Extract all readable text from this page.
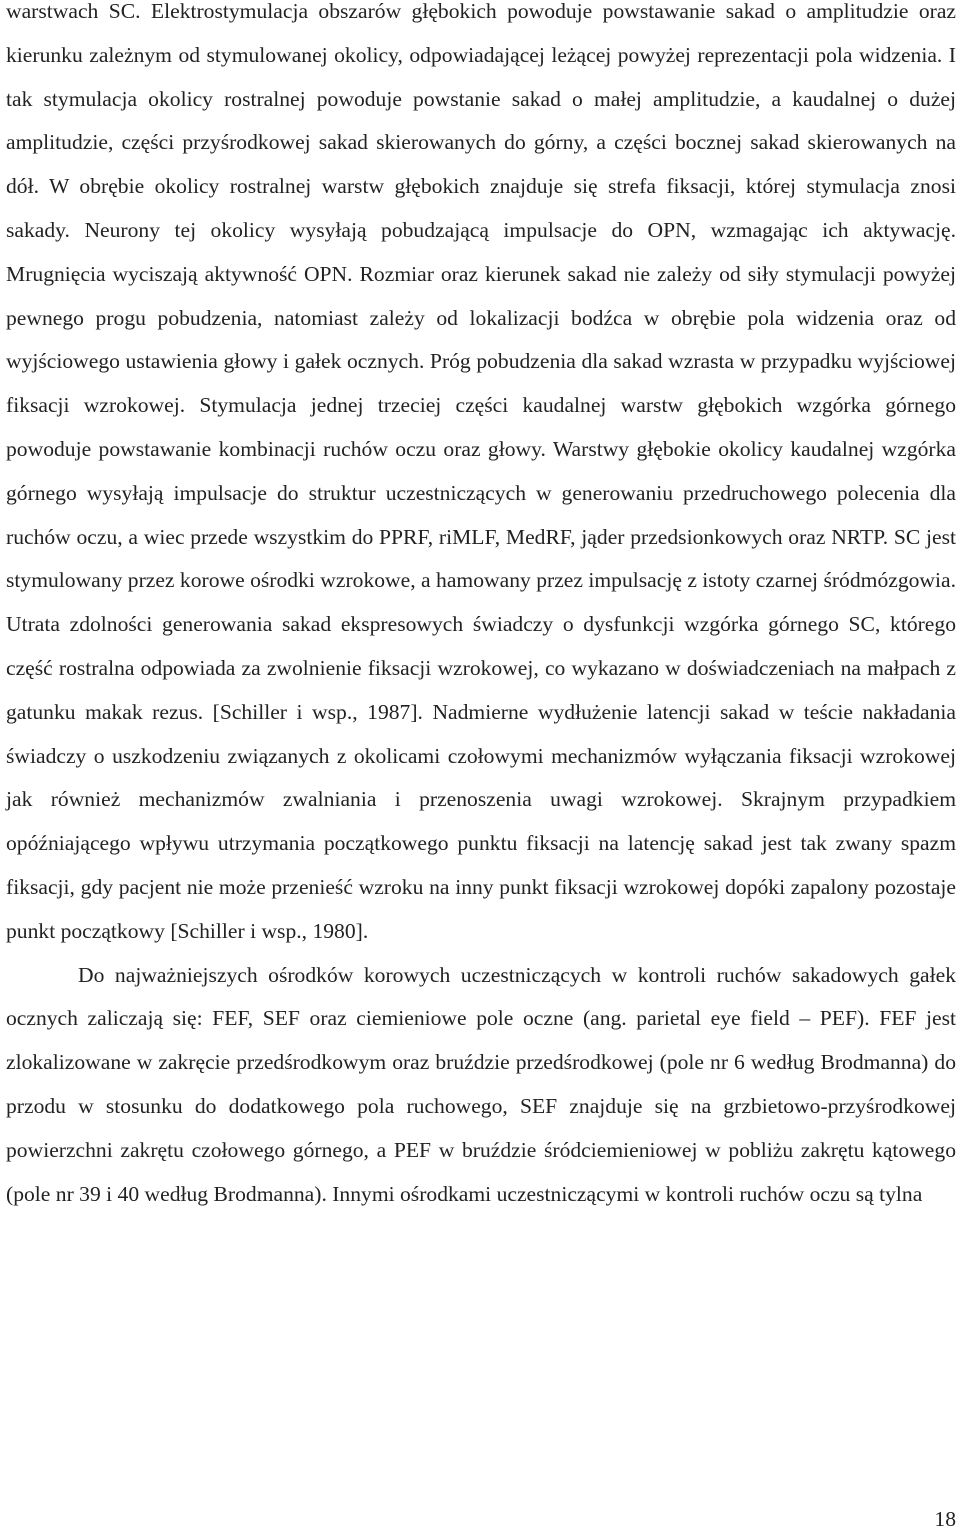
warstwach SC. Elektrostymulacja obszarów głębokich powoduje powstawanie sakad o amplitudzie oraz kierunku zależnym od stymulowanej okolicy, odpowiadającej leżącej powyżej reprezentacji pola widzenia. I tak stymulacja okolicy rostralnej powoduje powstanie sakad o małej amplitudzie, a kaudalnej o dużej amplitudzie, części przyśrodkowej sakad skierowanych do górny, a części bocznej sakad skierowanych na dół. W obrębie okolicy rostralnej warstw głębokich znajduje się strefa fiksacji, której stymulacja znosi sakady. Neurony tej okolicy wysyłają pobudzającą impulsacje do OPN, wzmagając ich aktywację. Mrugnięcia wyciszają aktywność OPN. Rozmiar oraz kierunek sakad nie zależy od siły stymulacji powyżej pewnego progu pobudzenia, natomiast zależy od lokalizacji bodźca w obrębie pola widzenia oraz od wyjściowego ustawienia głowy i gałek ocznych. Próg pobudzenia dla sakad wzrasta w przypadku wyjściowej fiksacji wzrokowej. Stymulacja jednej trzeciej części kaudalnej warstw głębokich wzgórka górnego powoduje powstawanie kombinacji ruchów oczu oraz głowy. Warstwy głębokie okolicy kaudalnej wzgórka górnego wysyłają impulsacje do struktur uczestniczących w generowaniu przedruchowego polecenia dla ruchów oczu, a wiec przede wszystkim do PPRF, riMLF, MedRF, jąder przedsionkowych oraz NRTP. SC jest stymulowany przez korowe ośrodki wzrokowe, a hamowany przez impulsację z istoty czarnej śródmózgowia. Utrata zdolności generowania sakad ekspresowych świadczy o dysfunkcji wzgórka górnego SC, którego część rostralna odpowiada za zwolnienie fiksacji wzrokowej, co wykazano w doświadczeniach na małpach z gatunku makak rezus. [Schiller i wsp., 1987]. Nadmierne wydłużenie latencji sakad w teście nakładania świadczy o uszkodzeniu związanych z okolicami czołowymi mechanizmów wyłączania fiksacji wzrokowej jak również mechanizmów zwalniania i przenoszenia uwagi wzrokowej. Skrajnym przypadkiem opóźniającego wpływu utrzymania początkowego punktu fiksacji na latencję sakad jest tak zwany spazm fiksacji, gdy pacjent nie może przenieść wzroku na inny punkt fiksacji wzrokowej dopóki zapalony pozostaje punkt początkowy [Schiller i wsp., 1980].

Do najważniejszych ośrodków korowych uczestniczących w kontroli ruchów sakadowych gałek ocznych zaliczają się: FEF, SEF oraz ciemieniowe pole oczne (ang. parietal eye field – PEF). FEF jest zlokalizowane w zakręcie przedśrodkowym oraz bruździe przedśrodkowej (pole nr 6 według Brodmanna) do przodu w stosunku do dodatkowego pola ruchowego, SEF znajduje się na grzbietowo-przyśrodkowej powierzchni zakrętu czołowego górnego, a PEF w bruździe śródciemieniowej w pobliżu zakrętu kątowego (pole nr 39 i 40 według Brodmanna). Innymi ośrodkami uczestniczącymi w kontroli ruchów oczu są tylna

18
